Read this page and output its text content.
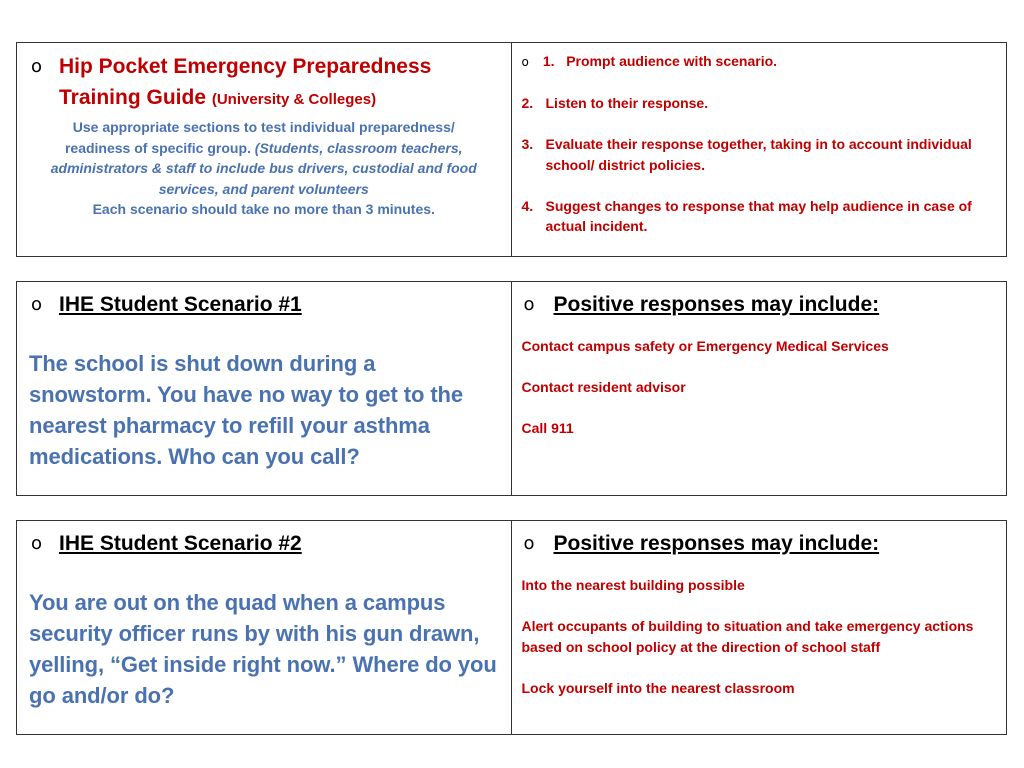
o Hip Pocket Emergency Preparedness
Training Guide (University & Colleges)
Use appropriate sections to test individual preparedness/
readiness of specific group. (Students, classroom teachers,
administrators & staff to include bus drivers, custodial and food
services, and parent volunteers
Each scenario should take no more than 3 minutes.
o 1. Prompt audience with scenario.
2. Listen to their response.
3. Evaluate their response together, taking in to account individual school/ district policies.
4. Suggest changes to response that may help audience in case of actual incident.
o IHE Student Scenario #1
The school is shut down during a snowstorm. You have no way to get to the nearest pharmacy to refill your asthma medications. Who can you call?
o Positive responses may include:
Contact campus safety or Emergency Medical Services
Contact resident advisor
Call 911
o IHE Student Scenario #2
You are out on the quad when a campus security officer runs by with his gun drawn, yelling, “Get inside right now.” Where do you go and/or do?
o Positive responses may include:
Into the nearest building possible
Alert occupants of building to situation and take emergency actions based on school policy at the direction of school staff
Lock yourself into the nearest classroom
